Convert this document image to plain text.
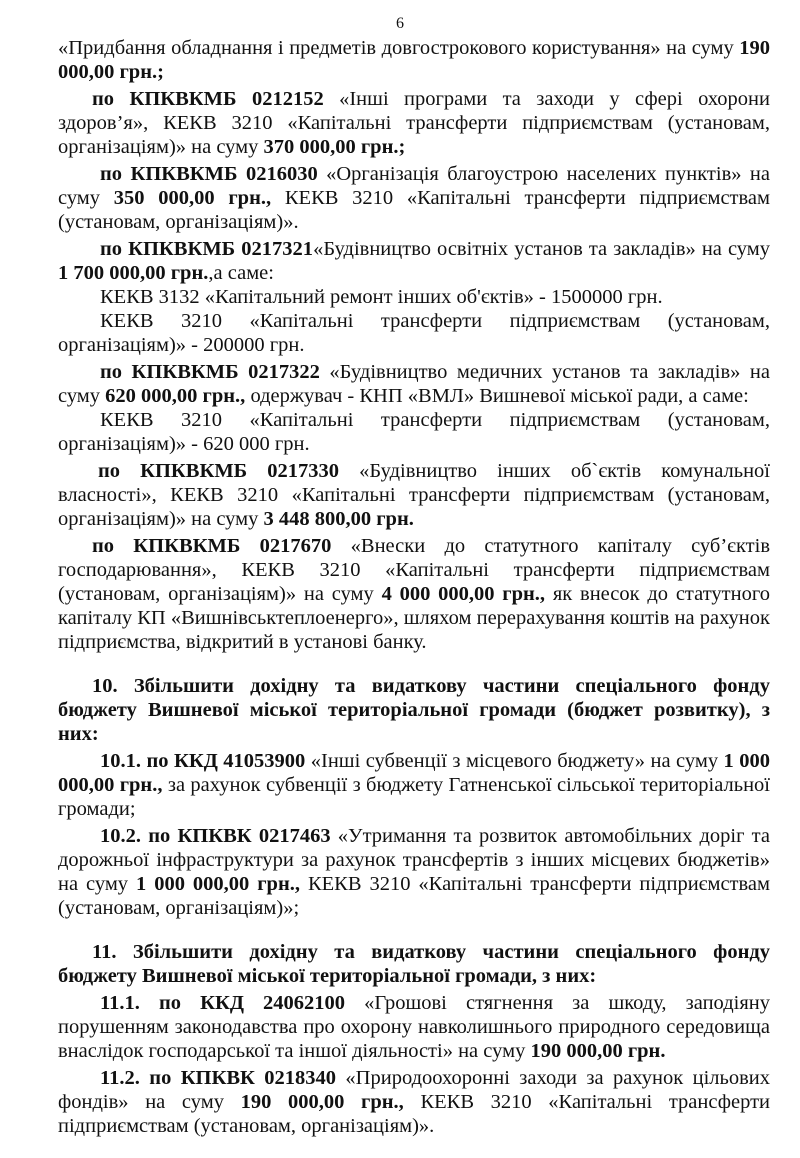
6

«Придбання обладнання і предметів довгострокового користування» на суму 190 000,00 грн.;

по КПКВКМБ 0212152 «Інші програми та заходи у сфері охорони здоров’я», КЕКВ 3210 «Капітальні трансферти підприємствам (установам, організаціям)» на суму 370 000,00 грн.;

по КПКВКМБ 0216030 «Організація благоустрою населених пунктів» на суму 350 000,00 грн., КЕКВ 3210 «Капітальні трансферти підприємствам (установам, організаціям)».

по КПКВКМБ 0217321«Будівництво освітніх установ та закладів» на суму 1 700 000,00 грн.,а саме:

КЕКВ 3132 «Капітальний ремонт інших об'єктів» - 1500000 грн.

КЕКВ 3210 «Капітальні трансферти підприємствам (установам, організаціям)» - 200000 грн.

по КПКВКМБ 0217322 «Будівництво медичних установ та закладів» на суму 620 000,00 грн., одержувач - КНП «ВМЛ» Вишневої міської ради, а саме:

КЕКВ 3210 «Капітальні трансферти підприємствам (установам, організаціям)» - 620 000 грн.

по КПКВКМБ 0217330 «Будівництво інших об`єктів комунальної власності», КЕКВ 3210 «Капітальні трансферти підприємствам (установам, організаціям)» на суму 3 448 800,00 грн.

по КПКВКМБ 0217670 «Внески до статутного капіталу суб’єктів господарювання», КЕКВ 3210 «Капітальні трансферти підприємствам (установам, організаціям)» на суму 4 000 000,00 грн., як внесок до статутного капіталу КП «Вишнівськтеплоенерго», шляхом перерахування коштів на рахунок підприємства, відкритий в установі банку.

10. Збільшити дохідну та видаткову частини спеціального фонду бюджету Вишневої міської територіальної громади (бюджет розвитку), з них:

10.1. по ККД 41053900 «Інші субвенції з місцевого бюджету» на суму 1 000 000,00 грн., за рахунок субвенції з бюджету Гатненської сільської територіальної громади;

10.2. по КПКВК 0217463 «Утримання та розвиток автомобільних доріг та дорожньої інфраструктури за рахунок трансфертів з інших місцевих бюджетів» на суму 1 000 000,00 грн., КЕКВ 3210 «Капітальні трансферти підприємствам (установам, організаціям)»;

11. Збільшити дохідну та видаткову частини спеціального фонду бюджету Вишневої міської територіальної громади, з них:

11.1. по ККД 24062100 «Грошові стягнення за шкоду, заподіяну порушенням законодавства про охорону навколишнього природного середовища внаслідок господарської та іншої діяльності» на суму 190 000,00 грн.

11.2. по КПКВК 0218340 «Природоохоронні заходи за рахунок цільових фондів» на суму 190 000,00 грн., КЕКВ 3210 «Капітальні трансферти підприємствам (установам, організаціям)».
